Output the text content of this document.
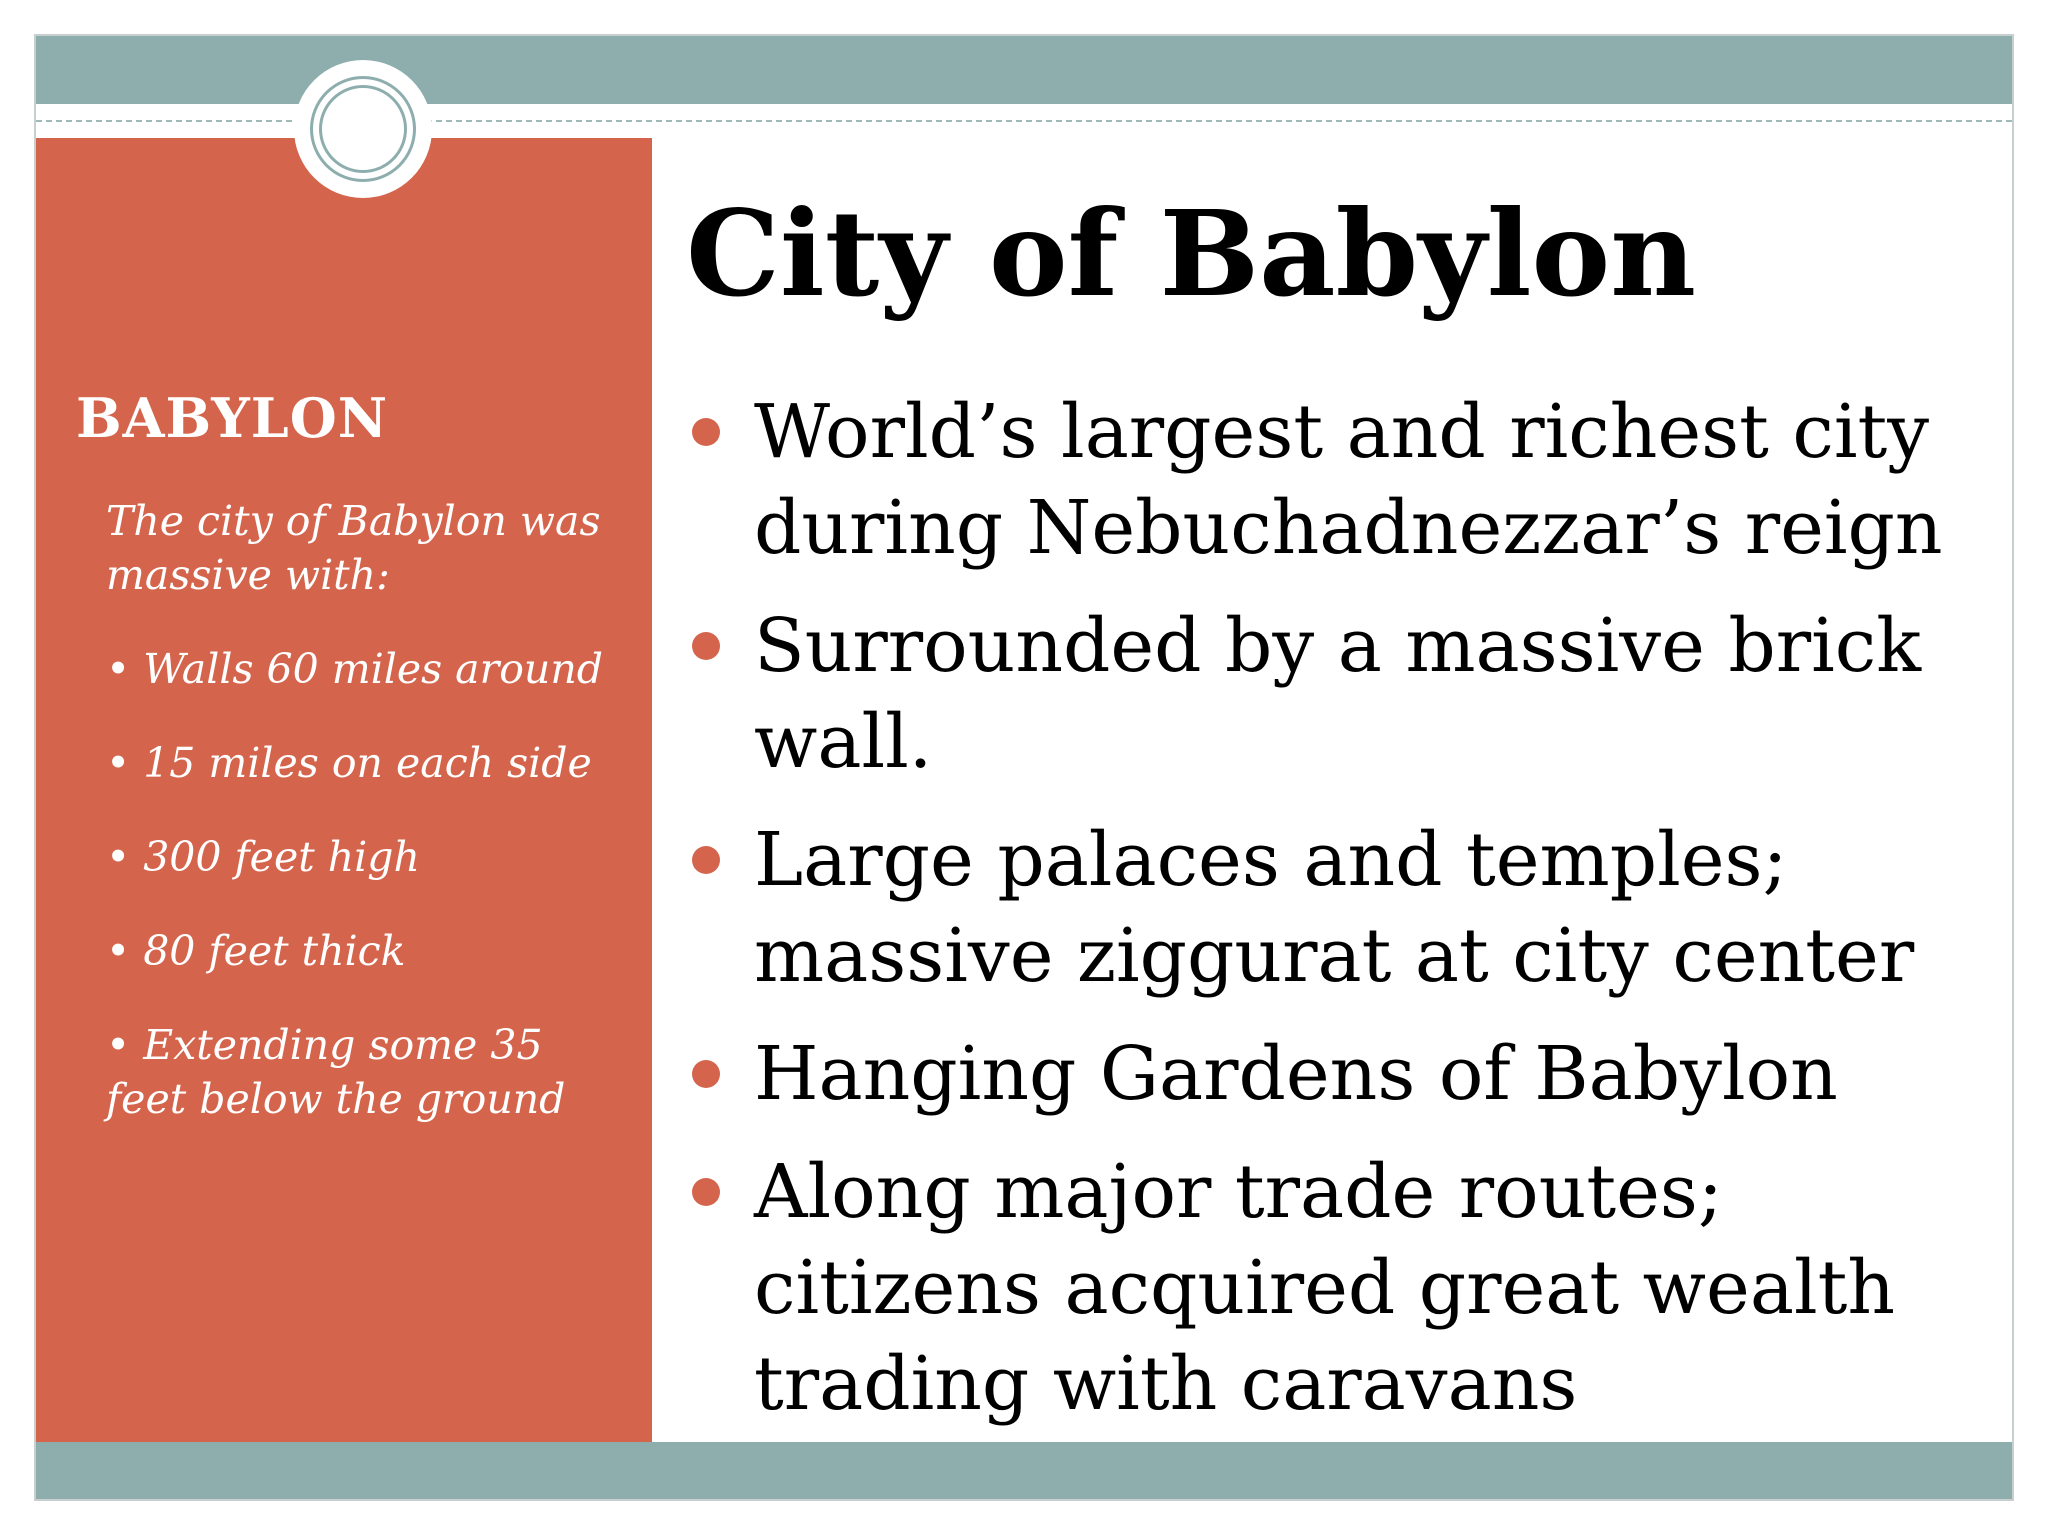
BABYLON

The city of Babylon was massive with:

• Walls 60 miles around

• 15 miles on each side

• 300 feet high

• 80 feet thick

• Extending some 35 feet below the ground

City of Babylon
World’s largest and richest city during Nebuchadnezzar’s reign
Surrounded by a massive brick wall.
Large palaces and temples; massive ziggurat at city center
Hanging Gardens of Babylon
Along major trade routes; citizens acquired great wealth trading with caravans
